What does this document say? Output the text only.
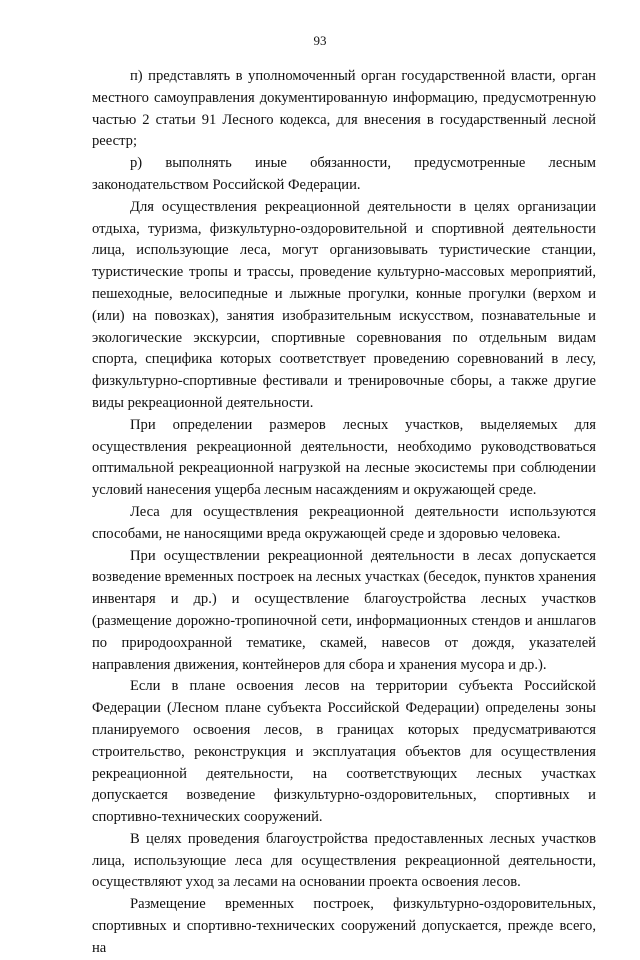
93

п) представлять в уполномоченный орган государственной власти, орган местного самоуправления документированную информацию, предусмотренную частью 2 статьи 91 Лесного кодекса, для внесения в государственный лесной реестр;

р) выполнять иные обязанности, предусмотренные лесным законодательством Российской Федерации.

Для осуществления рекреационной деятельности в целях организации отдыха, туризма, физкультурно-оздоровительной и спортивной деятельности лица, использующие леса, могут организовывать туристические станции, туристические тропы и трассы, проведение культурно-массовых мероприятий, пешеходные, велосипедные и лыжные прогулки, конные прогулки (верхом и (или) на повозках), занятия изобразительным искусством, познавательные и экологические экскурсии, спортивные соревнования по отдельным видам спорта, специфика которых соответствует проведению соревнований в лесу, физкультурно-спортивные фестивали и тренировочные сборы, а также другие виды рекреационной деятельности.

При определении размеров лесных участков, выделяемых для осуществления рекреационной деятельности, необходимо руководствоваться оптимальной рекреационной нагрузкой на лесные экосистемы при соблюдении условий нанесения ущерба лесным насаждениям и окружающей среде.

Леса для осуществления рекреационной деятельности используются способами, не наносящими вреда окружающей среде и здоровью человека.

При осуществлении рекреационной деятельности в лесах допускается возведение временных построек на лесных участках (беседок, пунктов хранения инвентаря и др.) и осуществление благоустройства лесных участков (размещение дорожно-тропиночной сети, информационных стендов и аншлагов по природоохранной тематике, скамей, навесов от дождя, указателей направления движения, контейнеров для сбора и хранения мусора и др.).

Если в плане освоения лесов на территории субъекта Российской Федерации (Лесном плане субъекта Российской Федерации) определены зоны планируемого освоения лесов, в границах которых предусматриваются строительство, реконструкция и эксплуатация объектов для осуществления рекреационной деятельности, на соответствующих лесных участках допускается возведение физкультурно-оздоровительных, спортивных и спортивно-технических сооружений.

В целях проведения благоустройства предоставленных лесных участков лица, использующие леса для осуществления рекреационной деятельности, осуществляют уход за лесами на основании проекта освоения лесов.

Размещение временных построек, физкультурно-оздоровительных, спортивных и спортивно-технических сооружений допускается, прежде всего, на
